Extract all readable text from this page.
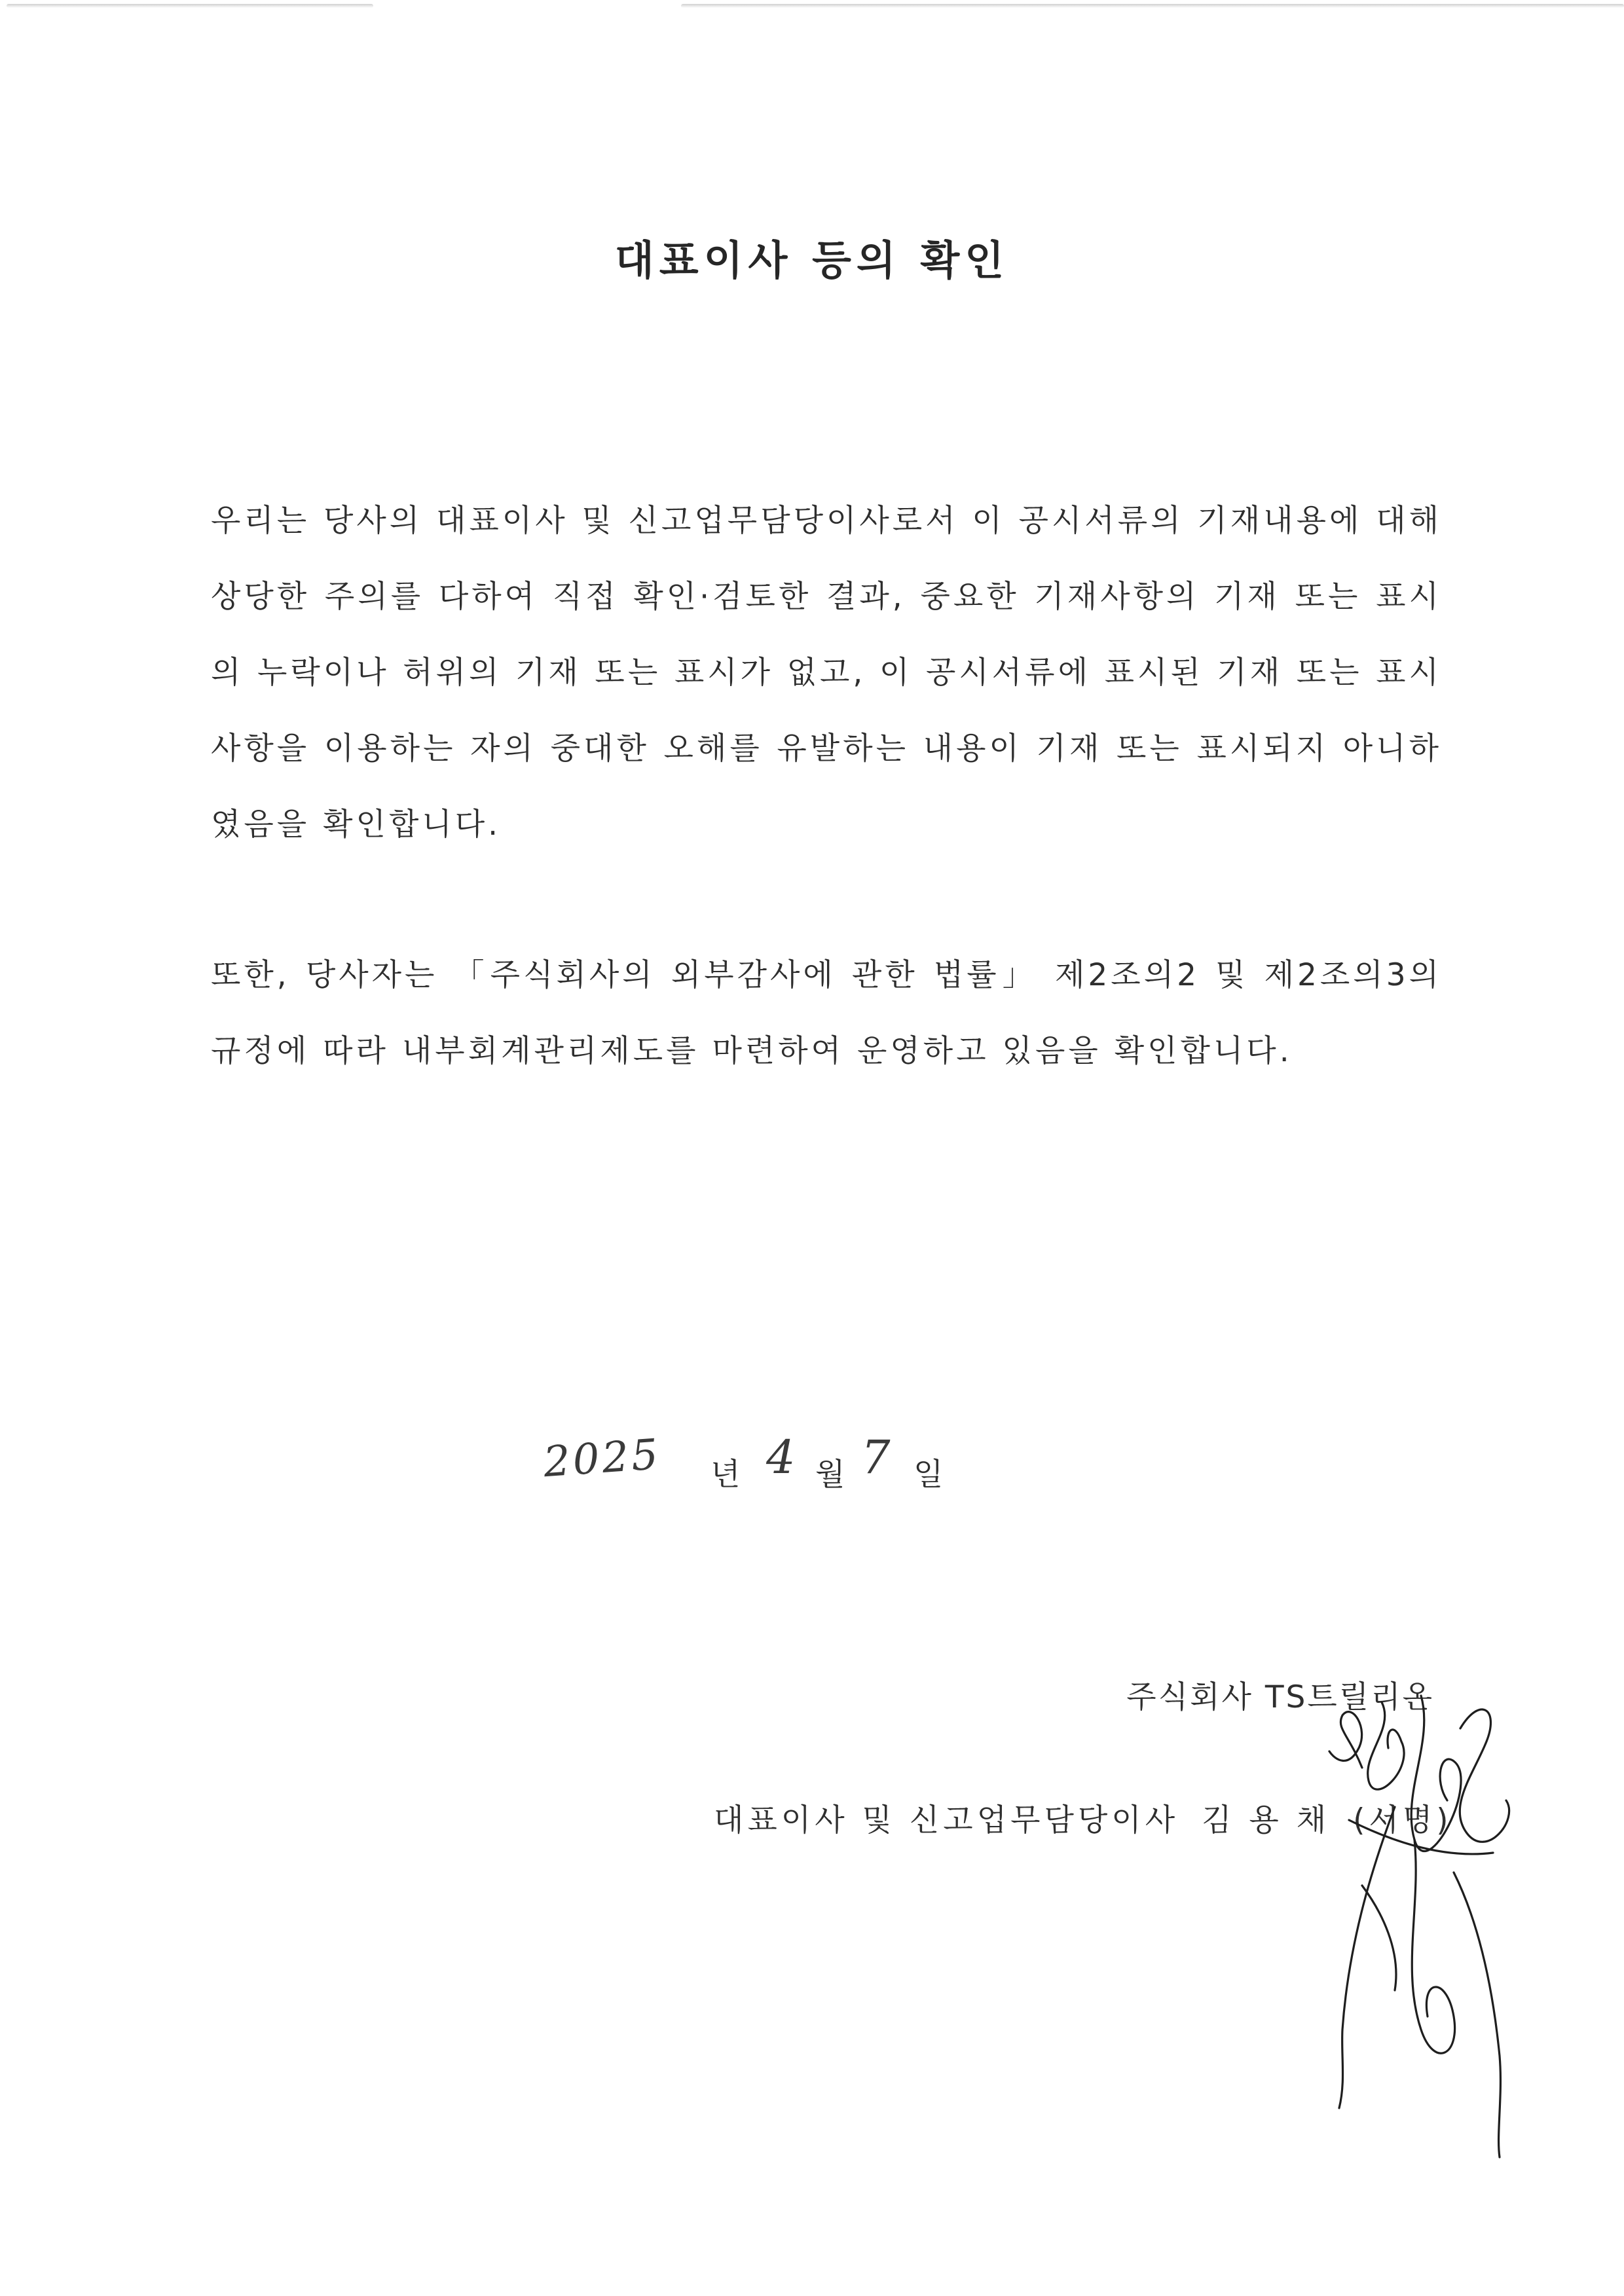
대표이사 등의 확인

우리는 당사의 대표이사 및 신고업무담당이사로서 이 공시서류의 기재내용에 대해 상당한 주의를 다하여 직접 확인·검토한 결과, 중요한 기재사항의 기재 또는 표시의 누락이나 허위의 기재 또는 표시가 없고, 이 공시서류에 표시된 기재 또는 표시사항을 이용하는 자의 중대한 오해를 유발하는 내용이 기재 또는 표시되지 아니하였음을 확인합니다.

또한, 당사자는 「주식회사의 외부감사에 관한 법률」 제2조의2 및 제2조의3의 규정에 따라 내부회계관리제도를 마련하여 운영하고 있음을 확인합니다.

2025 년 4 월 7 일

주식회사 TS트릴리온

대표이사 및 신고업무담당이사 김 용 채 (서명)
